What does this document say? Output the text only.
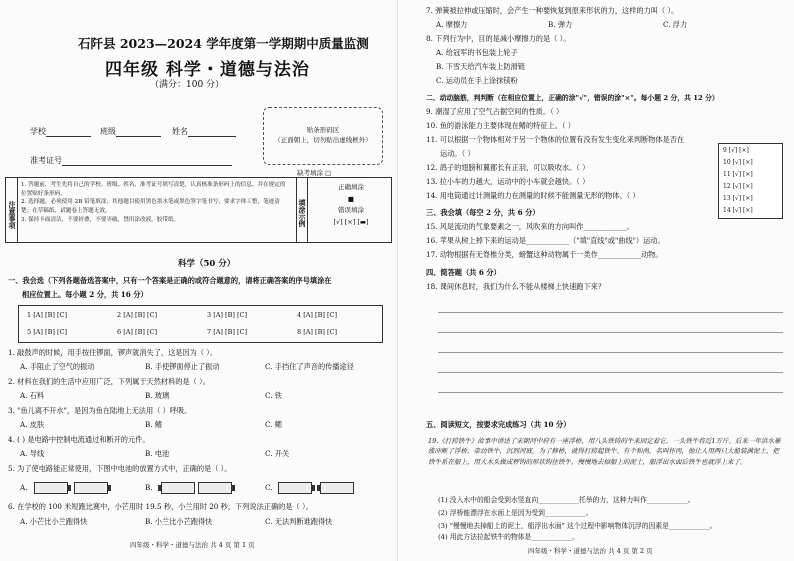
石阡县 2023—2024 学年度第一学期期中质量监测
四年级 科学・道德与法治
（满分：100 分）
学校	班级	姓名
准考证号
贴条形码区
（正面朝上，切勿贴出虚线框外）
缺考填涂 □
注意事项
1. 答题前，考生先将自己的学校、班级、姓名、准考证号填写清楚，认真核准条形码上的信息，并在规定的位置贴好条形码。
2. 选择题，必须使用 2B 铅笔填涂；其他题目使用黑色墨水笔或黑色签字笔书写，要求字体工整，笔迹清楚；在草稿纸、试题卷上答题无效。
3. 保持卡面清洁，不要折叠，不要弄破，禁用涂改液，胶带纸。	填涂示例
正确填涂
■
错误填涂
[√] [×] [▬]
科学（50 分）
一、我会选（下列各题备选答案中，只有一个答案是正确的或符合题意的，请将正确答案的序号填涂在
相应位置上。每小题 2 分，共 16 分）
1 [A] [B] [C]	2 [A] [B] [C]	3 [A] [B] [C]	4 [A] [B] [C]
5 [A] [B] [C]	6 [A] [B] [C]	7 [A] [B] [C]	8 [A] [B] [C]
1. 敲鼓声的时候，用手按住锣面，锣声就消失了，这是因为（ ）。
A. 手阻止了空气的振动	B. 手使锣面停止了振动	C. 手挡住了声音的传播途径
2. 材料在我们的生活中应用广泛，下列属于天然材料的是（ ）。
A. 石料	B. 玻璃	C. 铁
3. "鱼儿离不开水"，是因为鱼在陆地上无法用（ ）呼吸。
A. 皮肤	B. 鳍	C. 鳃
4. ( ) 是电路中控制电流通过和断开的元件。
A. 导线	B. 电池	C. 开关
5. 为了使电路能正常使用，下图中电池的放置方式中，正确的是（ ）。
A.	B.	C.
6. 在学校的 100 米短跑比赛中，小芒用时 19.5 秒，小兰用时 20 秒，下列说法正确的是（ ）。
A. 小芒比小兰跑得快	B. 小兰比小芒跑得快	C. 无法判断谁跑得快
四年级・科学・道德与法治 共 4 页 第 1 页
7. 弹簧被拉伸或压缩时，会产生一种要恢复到原来形状的力，这样的力叫（ ）。
A. 摩擦力	B. 弹力	C. 浮力
8. 下列行为中，目的是减小摩擦力的是（ ）。
A. 给冠军的书包装上轮子
B. 下雪天给汽车装上防滑链
C. 运动员在手上涂抹镁粉
二、动动脑筋，判判断（在相应位置上，正确的涂"√"，错误的涂"×"。每小题 2 分，共 12 分）
9. 潮湿了应用了空气占据空间的性质。（ ）
10. 鱼的游泳能力主要体现在鳍的特征上。（ ）
11. 可以根据一个物体相对于另一个物体的位置有没有发生变化来判断物体是否在
运动。（ ）
12. 鸽子的翅膀和翼都长有正羽，可以吸收水。（ ）
13. 拉小车的力越大，运动中的小车就会越快。（ ）
14. 用电筒通过计测量的力在测量的时候不能测量无形的物体。（ ）
9 [√] [×]
10 [√] [×]
11 [√] [×]
12 [√] [×]
13 [√] [×]
14 [√] [×]
三、我会填（每空 2 分，共 6 分）
15. 风是流动的气象要素之一，风吹来的方向叫作____________。
16. 苹果从树上掉下来的运动是____________（"填"直线"或"曲线"）运动。
17. 动物根据有无脊椎分类，螃蟹这种动物属于一类作____________动物。
四、简答题（共 6 分）
18. 课间休息时，我们为什么不能从楼梯上快速跑下来？
五、阅读短文，按要求完成练习（共 10 分）
19.《打捞铁牛》故事中讲述了宋朝河中府有一座浮桥，用八头铁铸的牛来固定着它。一头铁牛将近1万斤。后来一年洪水暴涨冲断了浮桥，牵动铁牛，沉到河底。为了修桥，就得打捞起铁牛。有个和尚，名叫怀丙，他让人用两只大船装满泥土，把铁牛系在船上，用大木头做成秤钩的形状钩住铁牛，慢慢地去掉船上的泥土，船浮出水面后铁牛也就浮上来了。
(1) 没入水中的船会受到水竖直向____________托举的力，这种力叫作____________。
(2) 浮桥能漂浮在水面上是因为受到____________。
(3) "慢慢地去掉船上的泥土，船浮出水面" 这个过程中影响物体沉浮的因素是____________。
(4) 用此方法拉起铁牛的物体是____________。
四年级・科学・道德与法治 共 4 页 第 2 页
